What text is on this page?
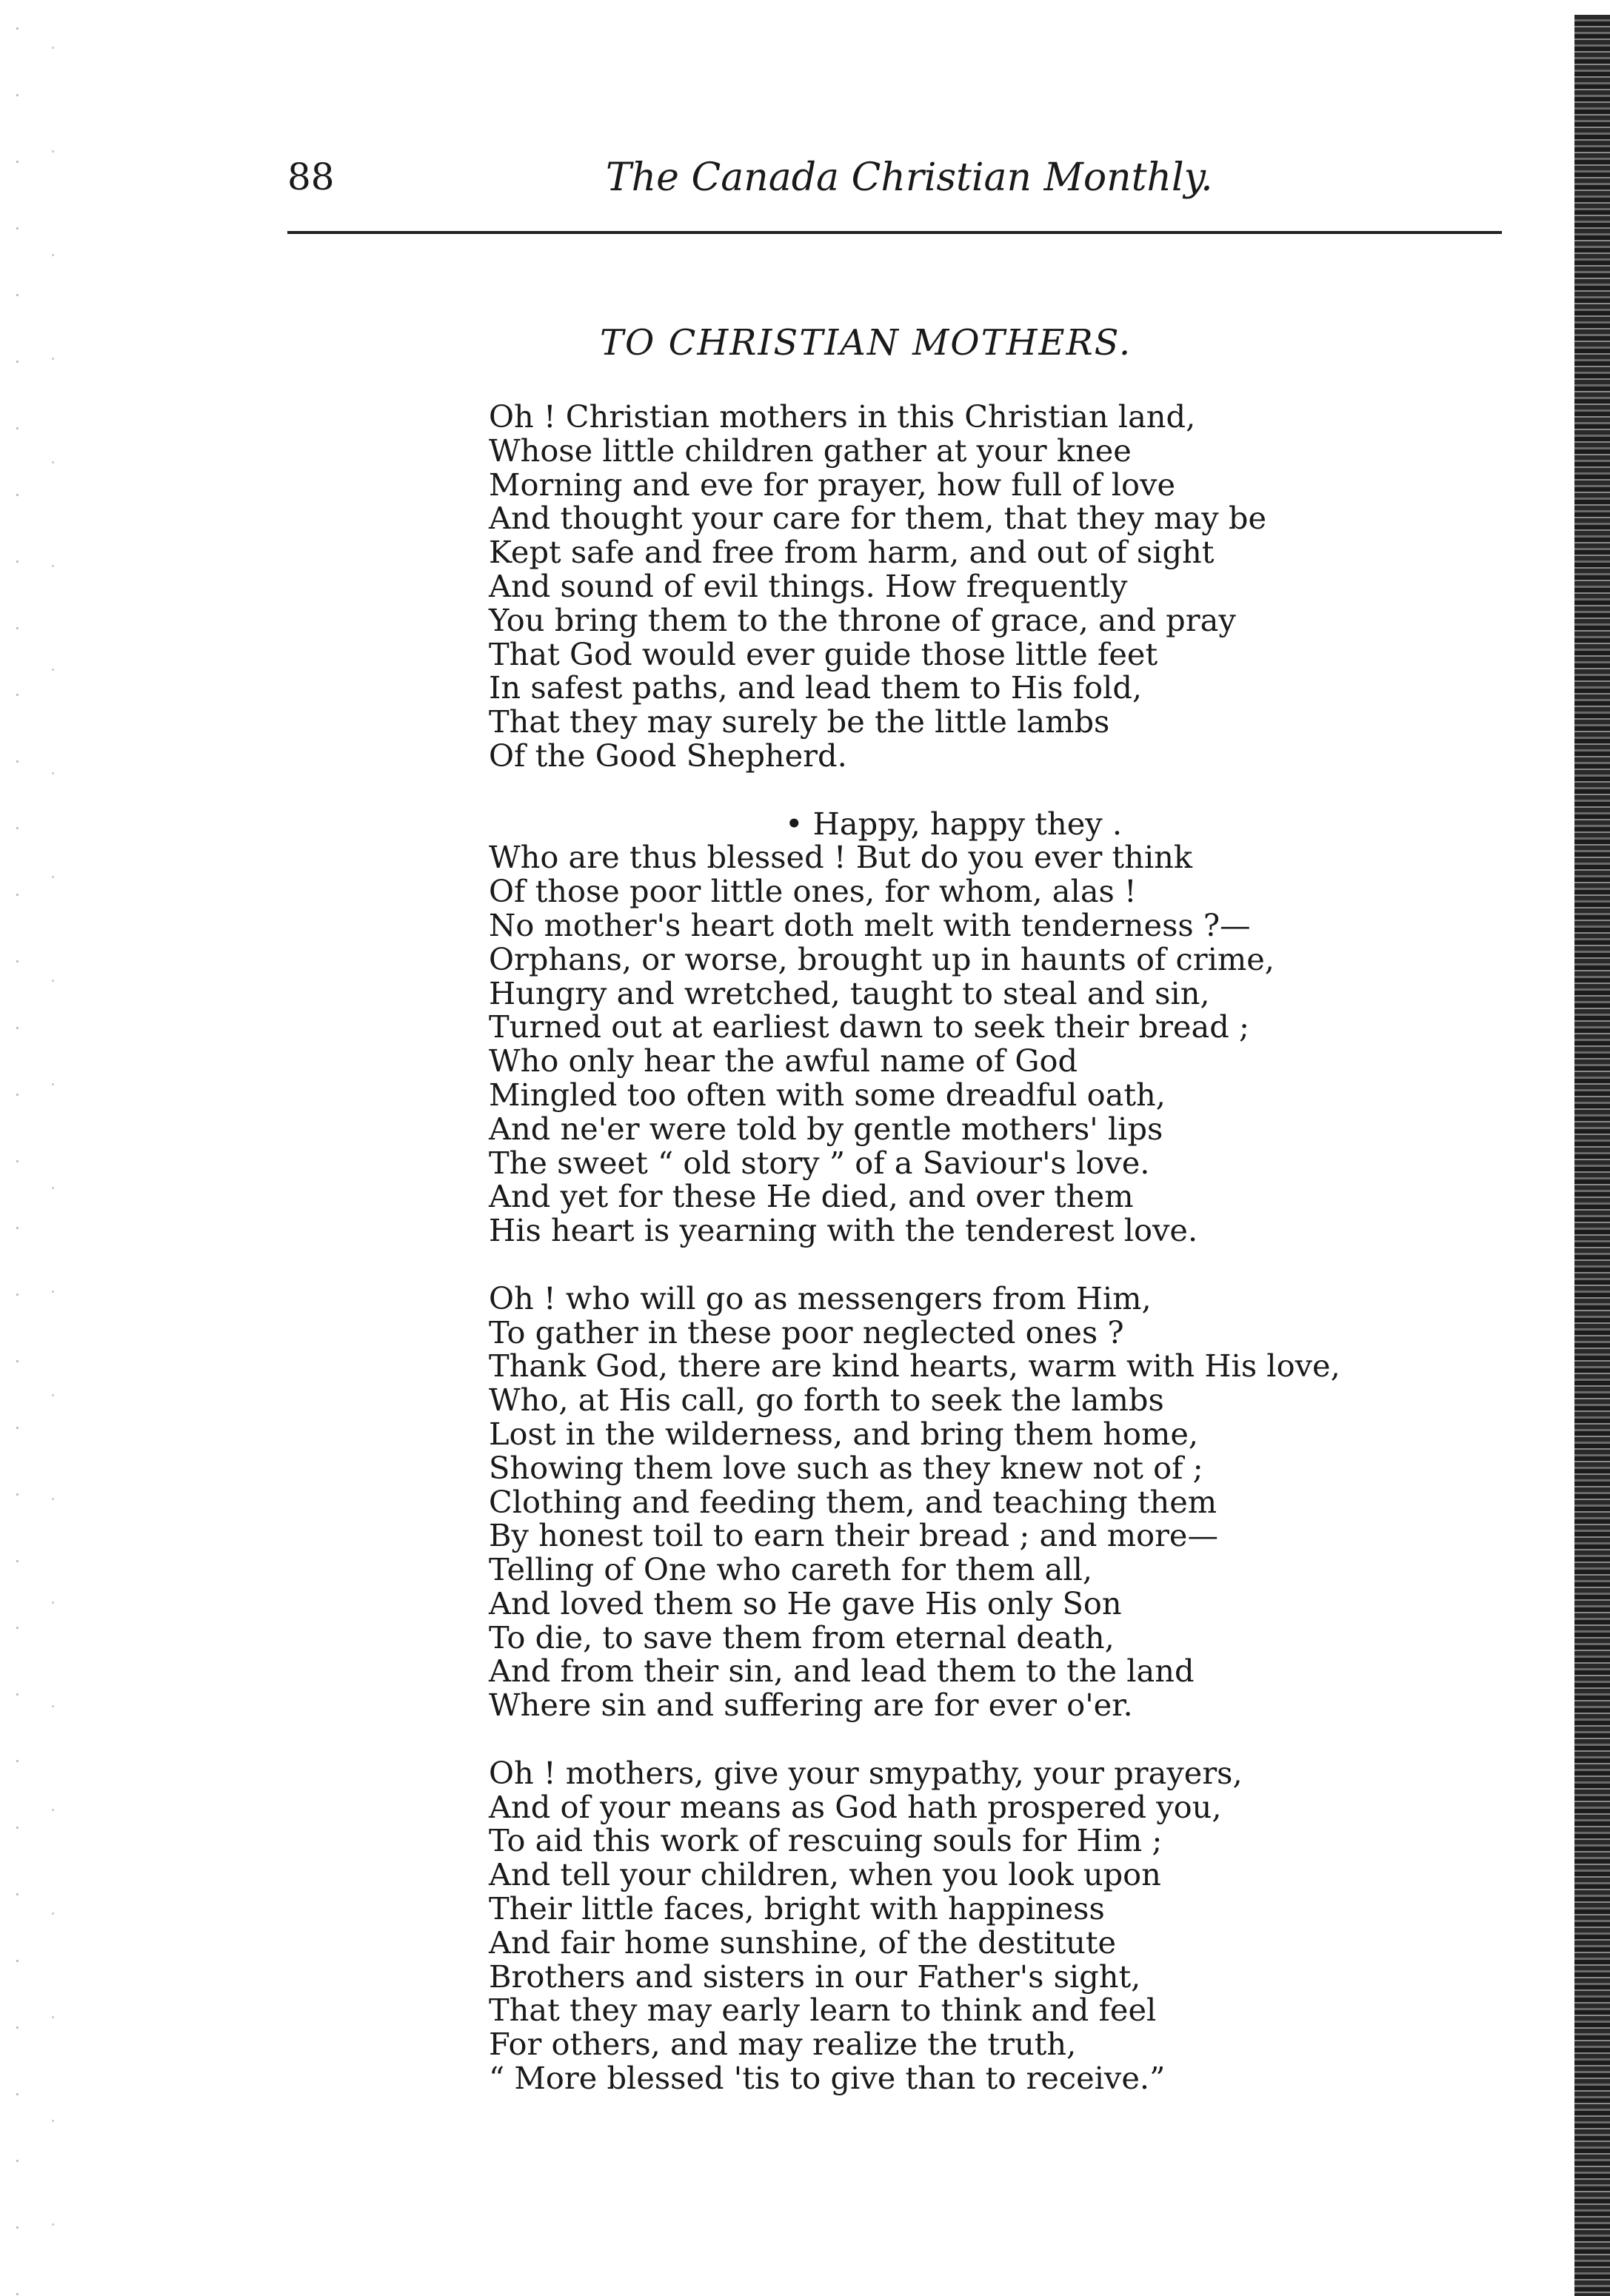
88	The Canada Christian Monthly.
TO CHRISTIAN MOTHERS.
Oh ! Christian mothers in this Christian land,
Whose little children gather at your knee
Morning and eve for prayer, how full of love
And thought your care for them, that they may be
Kept safe and free from harm, and out of sight
And sound of evil things. How frequently
You bring them to the throne of grace, and pray
That God would ever guide those little feet
In safest paths, and lead them to His fold,
That they may surely be the little lambs
Of the Good Shepherd.
• Happy, happy they .
Who are thus blessed ! But do you ever think
Of those poor little ones, for whom, alas !
No mother's heart doth melt with tenderness ?—
Orphans, or worse, brought up in haunts of crime,
Hungry and wretched, taught to steal and sin,
Turned out at earliest dawn to seek their bread ;
Who only hear the awful name of God
Mingled too often with some dreadful oath,
And ne'er were told by gentle mothers' lips
The sweet “ old story ” of a Saviour's love.
And yet for these He died, and over them
His heart is yearning with the tenderest love.
Oh ! who will go as messengers from Him,
To gather in these poor neglected ones ?
Thank God, there are kind hearts, warm with His love,
Who, at His call, go forth to seek the lambs
Lost in the wilderness, and bring them home,
Showing them love such as they knew not of ;
Clothing and feeding them, and teaching them
By honest toil to earn their bread ; and more—
Telling of One who careth for them all,
And loved them so He gave His only Son
To die, to save them from eternal death,
And from their sin, and lead them to the land
Where sin and suffering are for ever o'er.
Oh ! mothers, give your smypathy, your prayers,
And of your means as God hath prospered you,
To aid this work of rescuing souls for Him ;
And tell your children, when you look upon
Their little faces, bright with happiness
And fair home sunshine, of the destitute
Brothers and sisters in our Father's sight,
That they may early learn to think and feel
For others, and may realize the truth,
“ More blessed 'tis to give than to receive.”
